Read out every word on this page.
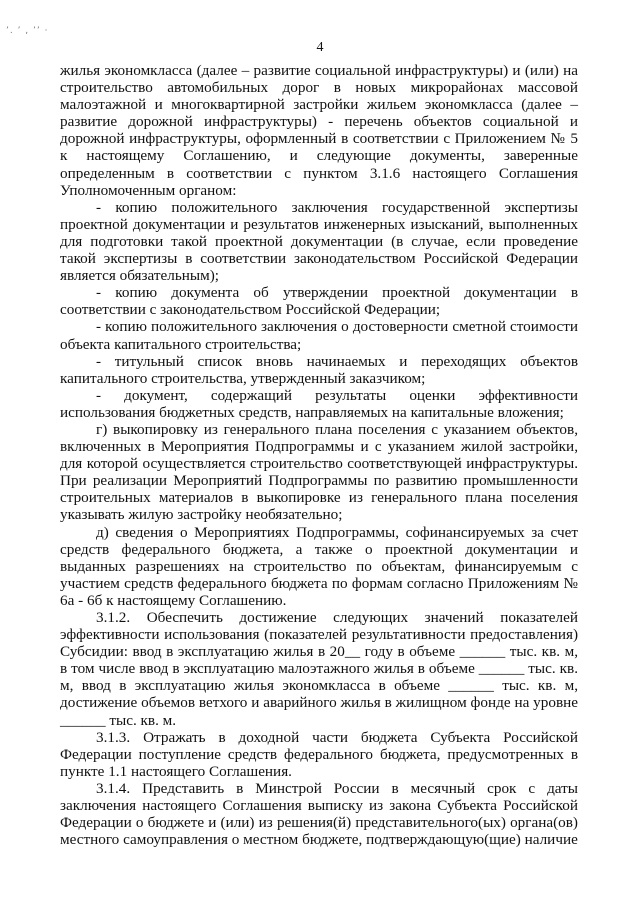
’. ’ , ’’ ·
4

жилья экономкласса (далее – развитие социальной инфраструктуры) и (или) на строительство автомобильных дорог в новых микрорайонах массовой малоэтажной и многоквартирной застройки жильем экономкласса (далее – развитие дорожной инфраструктуры) - перечень объектов социальной и дорожной инфраструктуры, оформленный в соответствии с Приложением № 5 к настоящему Соглашению, и следующие документы, заверенные определенным в соответствии с пунктом 3.1.6 настоящего Соглашения Уполномоченным органом:

- копию положительного заключения государственной экспертизы проектной документации и результатов инженерных изысканий, выполненных для подготовки такой проектной документации (в случае, если проведение такой экспертизы в соответствии законодательством Российской Федерации является обязательным);

- копию документа об утверждении проектной документации в соответствии с законодательством Российской Федерации;

- копию положительного заключения о достоверности сметной стоимости объекта капитального строительства;

- титульный список вновь начинаемых и переходящих объектов капитального строительства, утвержденный заказчиком;

- документ, содержащий результаты оценки эффективности использования бюджетных средств, направляемых на капитальные вложения;

г) выкопировку из генерального плана поселения с указанием объектов, включенных в Мероприятия Подпрограммы и с указанием жилой застройки, для которой осуществляется строительство соответствующей инфраструктуры. При реализации Мероприятий Подпрограммы по развитию промышленности строительных материалов в выкопировке из генерального плана поселения указывать жилую застройку необязательно;

д) сведения о Мероприятиях Подпрограммы, софинансируемых за счет средств федерального бюджета, а также о проектной документации и выданных разрешениях на строительство по объектам, финансируемым с участием средств федерального бюджета по формам согласно Приложениям № 6а - 6б к настоящему Соглашению.

3.1.2. Обеспечить достижение следующих значений показателей эффективности использования (показателей результативности предоставления) Субсидии: ввод в эксплуатацию жилья в 20__ году в объеме ______ тыс. кв. м, в том числе ввод в эксплуатацию малоэтажного жилья в объеме ______ тыс. кв. м, ввод в эксплуатацию жилья экономкласса в объеме ______ тыс. кв. м, достижение объемов ветхого и аварийного жилья в жилищном фонде на уровне ______ тыс. кв. м.

3.1.3. Отражать в доходной части бюджета Субъекта Российской Федерации поступление средств федерального бюджета, предусмотренных в пункте 1.1 настоящего Соглашения.

3.1.4. Представить в Минстрой России в месячный срок с даты заключения настоящего Соглашения выписку из закона Субъекта Российской Федерации о бюджете и (или) из решения(й) представительного(ых) органа(ов) местного самоуправления о местном бюджете, подтверждающую(щие) наличие
